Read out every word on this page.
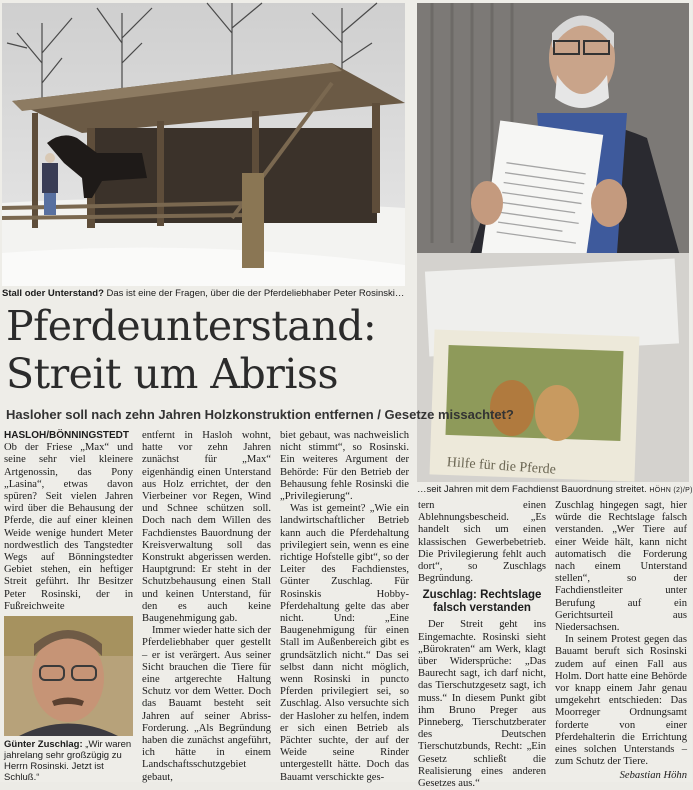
Stall oder Unterstand? Das ist eine der Fragen, über die der Pferdeliebhaber Peter Rosinski…
Hilfe für die Pferde
…seit Jahren mit dem Fachdienst Bauordnung streitet. HÖHN (2)/P)
Pferdeunterstand:
Streit um Abriss
Hasloher soll nach zehn Jahren Holzkonstruktion entfernen / Gesetze missachtet?

HASLOH/BÖNNINGSTEDT Ob der Friese „Max“ und seine sehr viel kleinere Artgenossin, das Pony „Lasina“, etwas davon spüren? Seit vielen Jahren wird über die Behausung der Pferde, die auf einer kleinen Weide wenige hundert Meter nordwestlich des Tangstedter Wegs auf Bönningstedter Gebiet stehen, ein heftiger Streit geführt. Ihr Besitzer Peter Rosinski, der in Fußreichweite

Günter Zuschlag: „Wir waren jahrelang sehr großzügig zu Herrn Rosinski. Jetzt ist Schluß.“

entfernt in Hasloh wohnt, hatte vor zehn Jahren zunächst für „Max“ eigenhändig einen Unterstand aus Holz errichtet, der den Vierbeiner vor Regen, Wind und Schnee schützen soll. Doch nach dem Willen des Fachdienstes Bauordnung der Kreisverwaltung soll das Konstrukt abgerissen werden. Hauptgrund: Er steht in der Schutzbehausung einen Stall und keinen Unterstand, für den es auch keine Baugenehmigung gab.

Immer wieder hatte sich der Pferdeliebhaber quer gestellt – er ist verärgert. Aus seiner Sicht brauchen die Tiere für eine artgerechte Haltung Schutz vor dem Wetter. Doch das Bauamt besteht seit Jahren auf seiner Abriss-Forderung. „Als Begründung haben die zunächst angeführt, ich hätte in einem Landschaftsschutzgebiet gebaut,

biet gebaut, was nachweislich nicht stimmt“, so Rosinski. Ein weiteres Argument der Behörde: Für den Betrieb der Behausung fehle Rosinski die „Privilegierung“.

Was ist gemeint? „Wie ein landwirtschaftlicher Betrieb kann auch die Pferdehaltung privilegiert sein, wenn es eine richtige Hofstelle gibt“, so der Leiter des Fachdienstes, Günter Zuschlag. Für Rosinskis Hobby-Pferdehaltung gelte das aber nicht. Und: „Eine Baugenehmigung für einen Stall im Außenbereich gibt es grundsätzlich nicht.“ Das sei selbst dann nicht möglich, wenn Rosinski in puncto Pferden privilegiert sei, so Zuschlag. Also versuchte sich der Hasloher zu helfen, indem er sich einen Betrieb als Pächter suchte, der auf der Weide seine Rinder untergestellt hätte. Doch das Bauamt verschickte ges-

tern einen Ablehnungsbescheid. „Es handelt sich um einen klassischen Gewerbebetrieb. Die Privilegierung fehlt auch dort“, so Zuschlags Begründung.

Zuschlag: Rechtslage falsch verstanden

Der Streit geht ins Eingemachte. Rosinski sieht „Bürokraten“ am Werk, klagt über Widersprüche: „Das Baurecht sagt, ich darf nicht, das Tierschutzgesetz sagt, ich muss.“ In diesem Punkt gibt ihm Bruno Preger aus Pinneberg, Tierschutzberater des Deutschen Tierschutzbunds, Recht: „Ein Gesetz schließt die Realisierung eines anderen Gesetzes aus.“

Zuschlag hingegen sagt, hier würde die Rechtslage falsch verstanden. „Wer Tiere auf einer Weide hält, kann nicht automatisch die Forderung nach einem Unterstand stellen“, so der Fachdienstleiter unter Berufung auf ein Gerichtsurteil aus Niedersachsen.

In seinem Protest gegen das Bauamt beruft sich Rosinski zudem auf einen Fall aus Holm. Dort hatte eine Behörde vor knapp einem Jahr genau umgekehrt entschieden: Das Moorreger Ordnungsamt forderte von einer Pferdehalterin die Errichtung eines solchen Unterstands – zum Schutz der Tiere.

Sebastian Höhn
